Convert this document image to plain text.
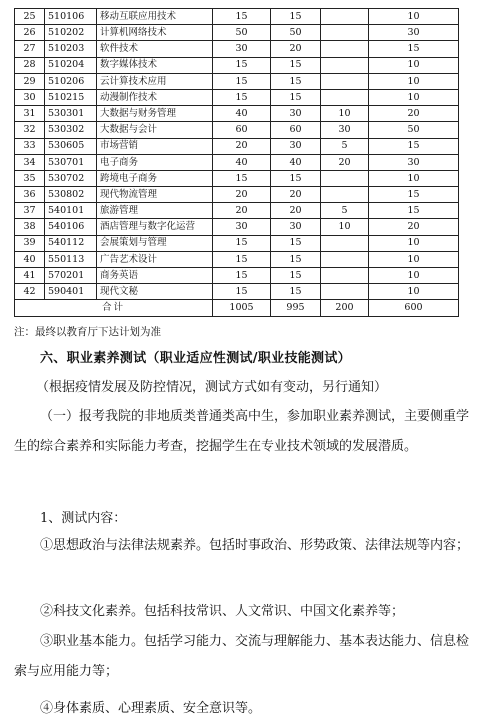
25	510106	移动互联应用技术	15	15		10
26	510202	计算机网络技术	50	50		30
27	510203	软件技术	30	20		15
28	510204	数字媒体技术	15	15		10
29	510206	云计算技术应用	15	15		10
30	510215	动漫制作技术	15	15		10
31	530301	大数据与财务管理	40	30	10	20
32	530302	大数据与会计	60	60	30	50
33	530605	市场营销	20	30	5	15
34	530701	电子商务	40	40	20	30
35	530702	跨境电子商务	15	15		10
36	530802	现代物流管理	20	20		15
37	540101	旅游管理	20	20	5	15
38	540106	酒店管理与数字化运营	30	30	10	20
39	540112	会展策划与管理	15	15		10
40	550113	广告艺术设计	15	15		10
41	570201	商务英语	15	15		10
42	590401	现代文秘	15	15		10
合计			1005	995	200	600
注：最终以教育厅下达计划为准
六、职业素养测试（职业适应性测试/职业技能测试）
（根据疫情发展及防控情况，测试方式如有变动，另行通知）
（一）报考我院的非地质类普通类高中生，参加职业素养测试，主要侧重学生的综合素养和实际能力考查，挖掘学生在专业技术领域的发展潜质。
1、测试内容：
①思想政治与法律法规素养。包括时事政治、形势政策、法律法规等内容；
②科技文化素养。包括科技常识、人文常识、中国文化素养等；
③职业基本能力。包括学习能力、交流与理解能力、基本表达能力、信息检索与应用能力等；
④身体素质、心理素质、安全意识等。
